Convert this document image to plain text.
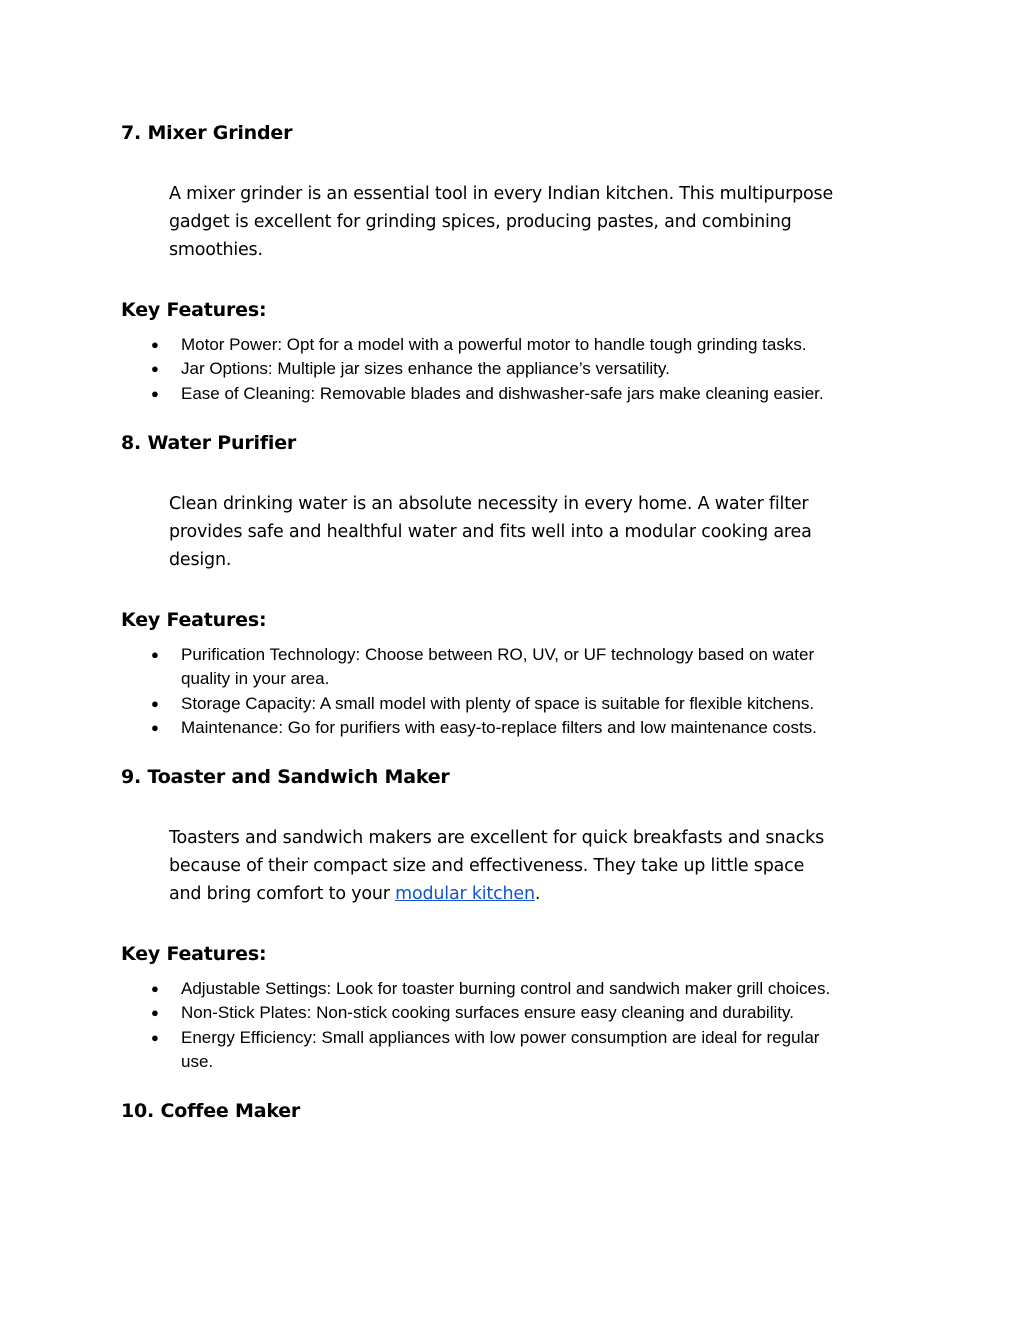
7. Mixer Grinder

A mixer grinder is an essential tool in every Indian kitchen. This multipurpose
gadget is excellent for grinding spices, producing pastes, and combining
smoothies.

Key Features:
● Motor Power: Opt for a model with a powerful motor to handle tough grinding tasks.
● Jar Options: Multiple jar sizes enhance the appliance’s versatility.
● Ease of Cleaning: Removable blades and dishwasher-safe jars make cleaning easier.
8. Water Purifier

Clean drinking water is an absolute necessity in every home. A water filter
provides safe and healthful water and fits well into a modular cooking area
design.

Key Features:
● Purification Technology: Choose between RO, UV, or UF technology based on water
quality in your area.
● Storage Capacity: A small model with plenty of space is suitable for flexible kitchens.
● Maintenance: Go for purifiers with easy-to-replace filters and low maintenance costs.
9. Toaster and Sandwich Maker

Toasters and sandwich makers are excellent for quick breakfasts and snacks
because of their compact size and effectiveness. They take up little space
and bring comfort to your modular kitchen.

Key Features:
● Adjustable Settings: Look for toaster burning control and sandwich maker grill choices.
● Non-Stick Plates: Non-stick cooking surfaces ensure easy cleaning and durability.
● Energy Efficiency: Small appliances with low power consumption are ideal for regular
use.
10. Coffee Maker
